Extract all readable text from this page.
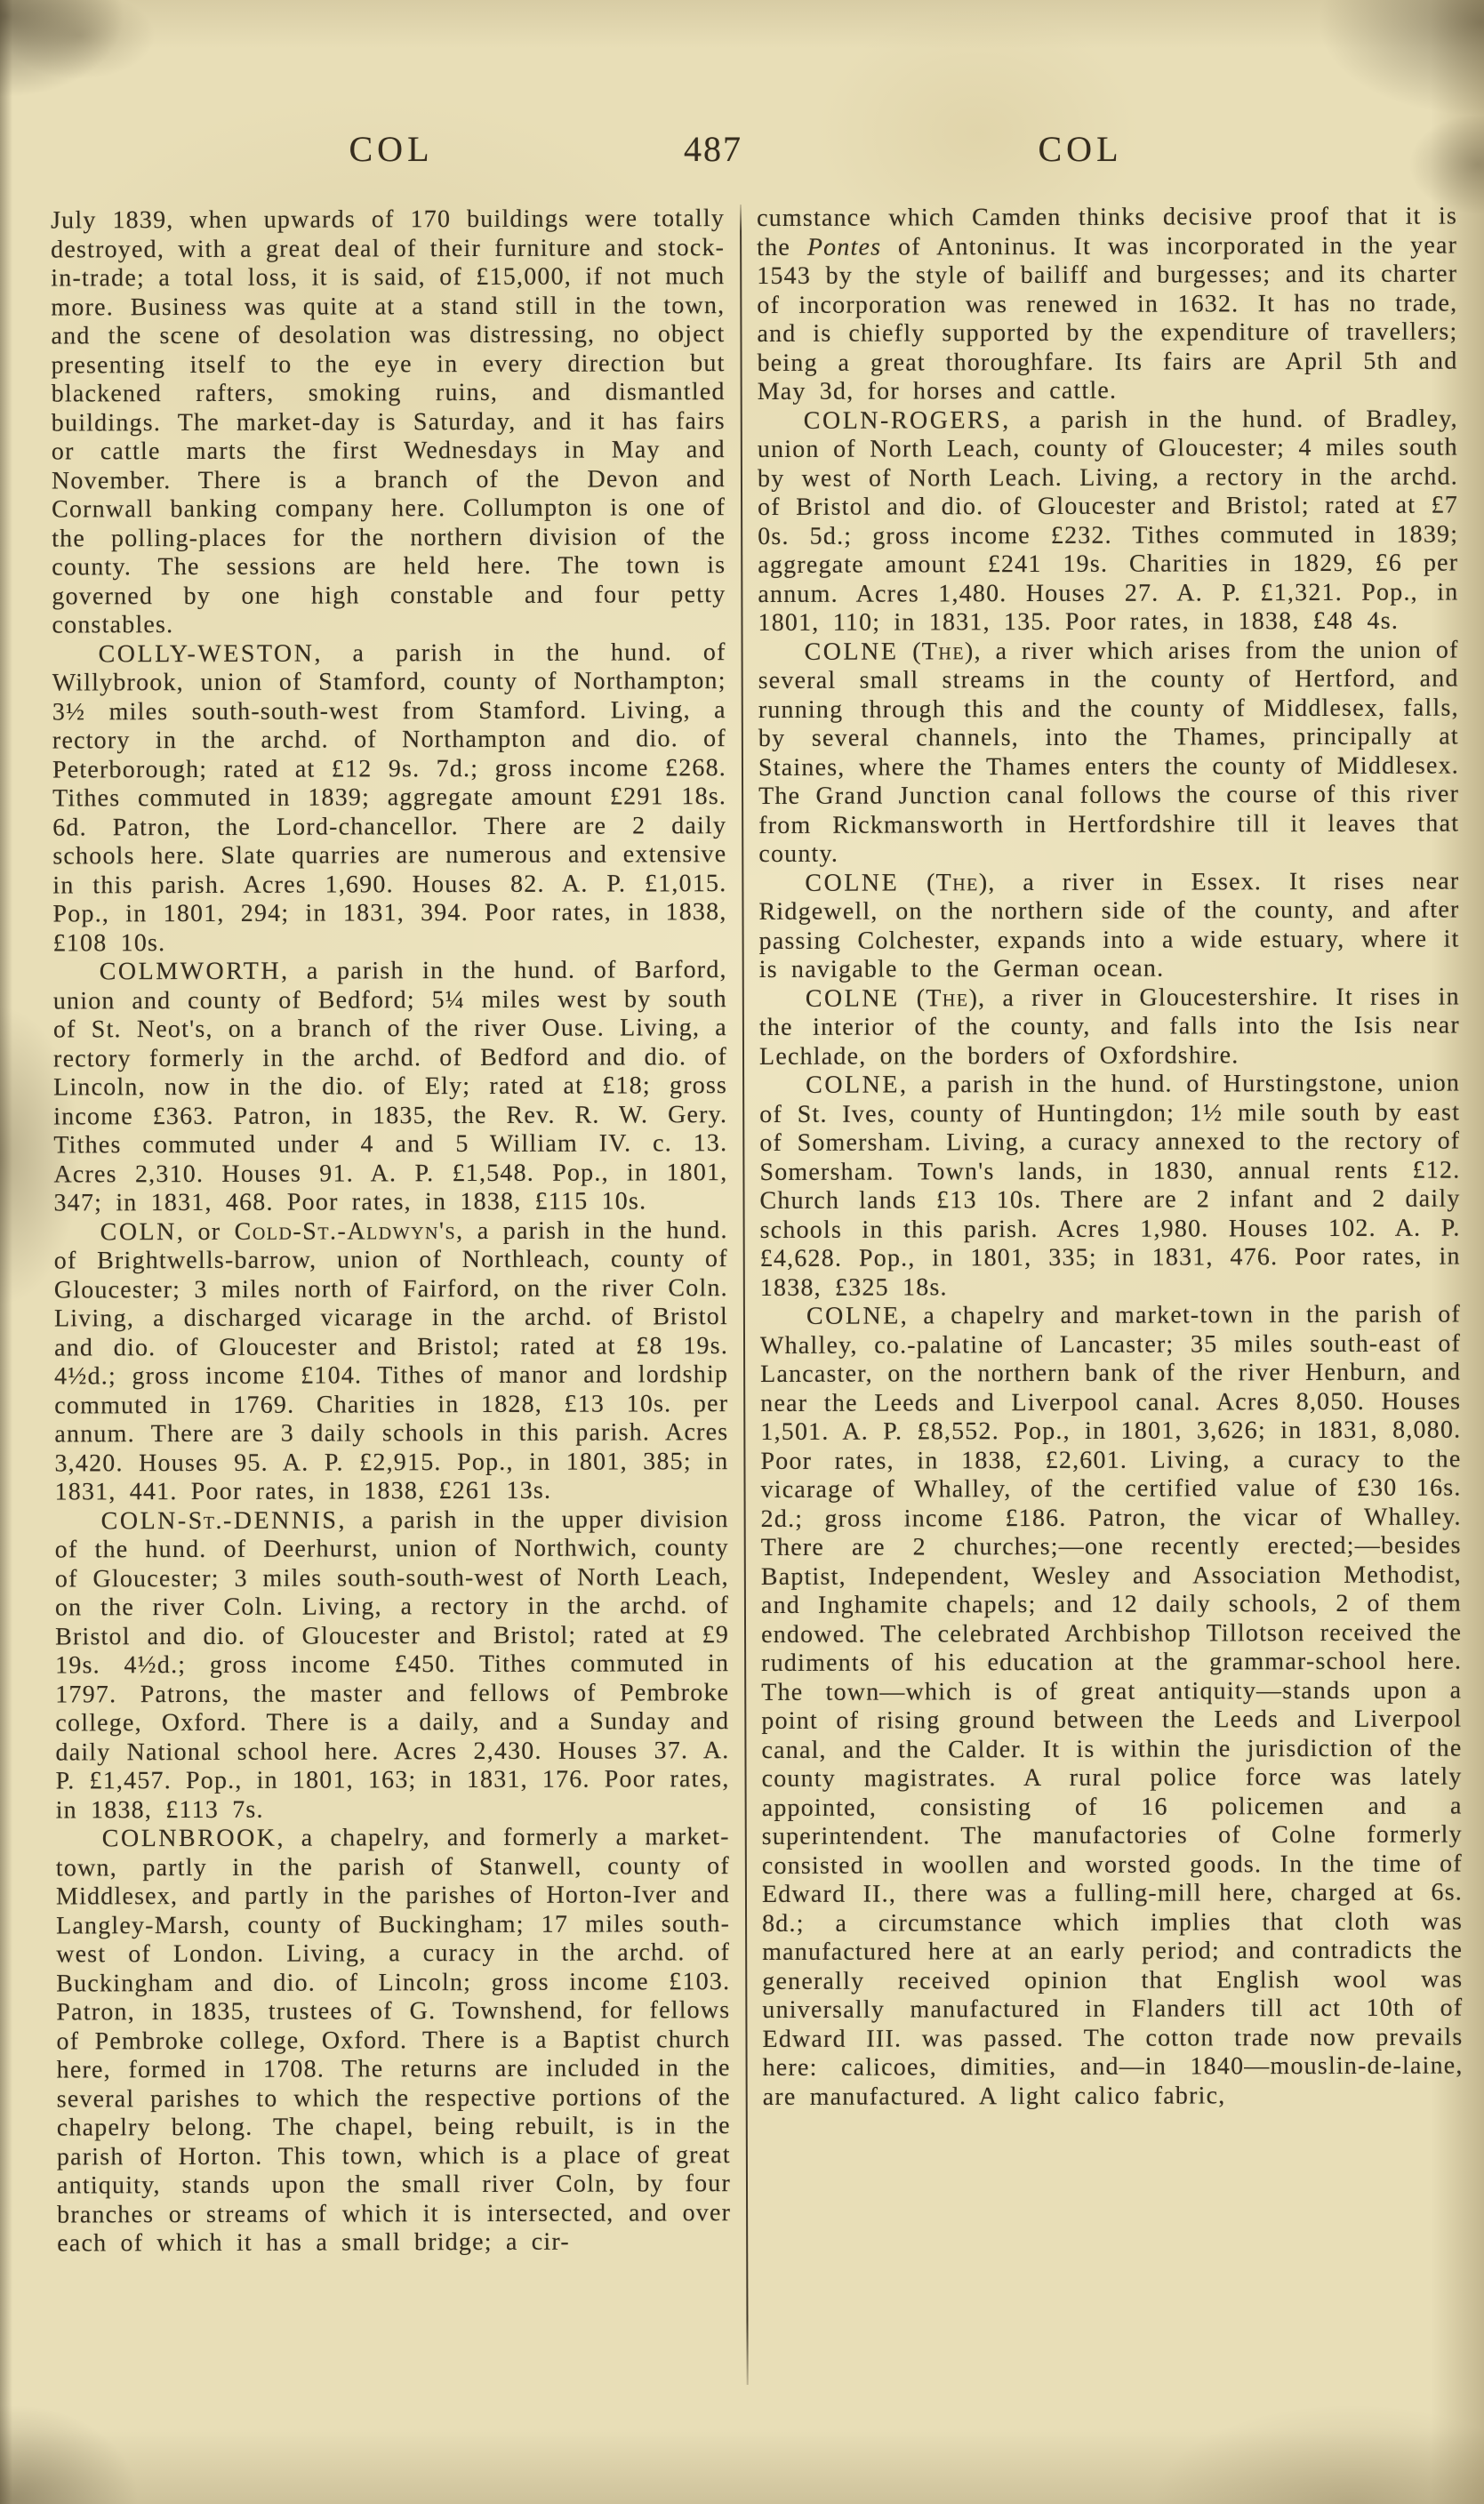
COL	487	COL

July 1839, when upwards of 170 buildings were totally destroyed, with a great deal of their furniture and stock-in-trade; a total loss, it is said, of £15,000, if not much more. Business was quite at a stand still in the town, and the scene of desolation was distressing, no object presenting itself to the eye in every direction but blackened rafters, smoking ruins, and dismantled buildings. The market-day is Saturday, and it has fairs or cattle marts the first Wednesdays in May and November. There is a branch of the Devon and Cornwall banking company here. Collumpton is one of the polling-places for the northern division of the county. The sessions are held here. The town is governed by one high constable and four petty constables.

COLLY-WESTON, a parish in the hund. of Willybrook, union of Stamford, county of Northampton; 3½ miles south-south-west from Stamford. Living, a rectory in the archd. of Northampton and dio. of Peterborough; rated at £12 9s. 7d.; gross income £268. Tithes commuted in 1839; aggregate amount £291 18s. 6d. Patron, the Lord-chancellor. There are 2 daily schools here. Slate quarries are numerous and extensive in this parish. Acres 1,690. Houses 82. A. P. £1,015. Pop., in 1801, 294; in 1831, 394. Poor rates, in 1838, £108 10s.

COLMWORTH, a parish in the hund. of Barford, union and county of Bedford; 5¼ miles west by south of St. Neot's, on a branch of the river Ouse. Living, a rectory formerly in the archd. of Bedford and dio. of Lincoln, now in the dio. of Ely; rated at £18; gross income £363. Patron, in 1835, the Rev. R. W. Gery. Tithes commuted under 4 and 5 William IV. c. 13. Acres 2,310. Houses 91. A. P. £1,548. Pop., in 1801, 347; in 1831, 468. Poor rates, in 1838, £115 10s.

COLN, or Cold-St.-Aldwyn's, a parish in the hund. of Brightwells-barrow, union of Northleach, county of Gloucester; 3 miles north of Fairford, on the river Coln. Living, a discharged vicarage in the archd. of Bristol and dio. of Gloucester and Bristol; rated at £8 19s. 4½d.; gross income £104. Tithes of manor and lordship commuted in 1769. Charities in 1828, £13 10s. per annum. There are 3 daily schools in this parish. Acres 3,420. Houses 95. A. P. £2,915. Pop., in 1801, 385; in 1831, 441. Poor rates, in 1838, £261 13s.

COLN-St.-DENNIS, a parish in the upper division of the hund. of Deerhurst, union of Northwich, county of Gloucester; 3 miles south-south-west of North Leach, on the river Coln. Living, a rectory in the archd. of Bristol and dio. of Gloucester and Bristol; rated at £9 19s. 4½d.; gross income £450. Tithes commuted in 1797. Patrons, the master and fellows of Pembroke college, Oxford. There is a daily, and a Sunday and daily National school here. Acres 2,430. Houses 37. A. P. £1,457. Pop., in 1801, 163; in 1831, 176. Poor rates, in 1838, £113 7s.

COLNBROOK, a chapelry, and formerly a market-town, partly in the parish of Stanwell, county of Middlesex, and partly in the parishes of Horton-Iver and Langley-Marsh, county of Buckingham; 17 miles south-west of London. Living, a curacy in the archd. of Buckingham and dio. of Lincoln; gross income £103. Patron, in 1835, trustees of G. Townshend, for fellows of Pembroke college, Oxford. There is a Baptist church here, formed in 1708. The returns are included in the several parishes to which the respective portions of the chapelry belong. The chapel, being rebuilt, is in the parish of Horton. This town, which is a place of great antiquity, stands upon the small river Coln, by four branches or streams of which it is intersected, and over each of which it has a small bridge; a cir-

cumstance which Camden thinks decisive proof that it is the Pontes of Antoninus. It was incorporated in the year 1543 by the style of bailiff and burgesses; and its charter of incorporation was renewed in 1632. It has no trade, and is chiefly supported by the expenditure of travellers; being a great thoroughfare. Its fairs are April 5th and May 3d, for horses and cattle.

COLN-ROGERS, a parish in the hund. of Bradley, union of North Leach, county of Gloucester; 4 miles south by west of North Leach. Living, a rectory in the archd. of Bristol and dio. of Gloucester and Bristol; rated at £7 0s. 5d.; gross income £232. Tithes commuted in 1839; aggregate amount £241 19s. Charities in 1829, £6 per annum. Acres 1,480. Houses 27. A. P. £1,321. Pop., in 1801, 110; in 1831, 135. Poor rates, in 1838, £48 4s.

COLNE (The), a river which arises from the union of several small streams in the county of Hertford, and running through this and the county of Middlesex, falls, by several channels, into the Thames, principally at Staines, where the Thames enters the county of Middlesex. The Grand Junction canal follows the course of this river from Rickmansworth in Hertfordshire till it leaves that county.

COLNE (The), a river in Essex. It rises near Ridgewell, on the northern side of the county, and after passing Colchester, expands into a wide estuary, where it is navigable to the German ocean.

COLNE (The), a river in Gloucestershire. It rises in the interior of the county, and falls into the Isis near Lechlade, on the borders of Oxfordshire.

COLNE, a parish in the hund. of Hurstingstone, union of St. Ives, county of Huntingdon; 1½ mile south by east of Somersham. Living, a curacy annexed to the rectory of Somersham. Town's lands, in 1830, annual rents £12. Church lands £13 10s. There are 2 infant and 2 daily schools in this parish. Acres 1,980. Houses 102. A. P. £4,628. Pop., in 1801, 335; in 1831, 476. Poor rates, in 1838, £325 18s.

COLNE, a chapelry and market-town in the parish of Whalley, co.-palatine of Lancaster; 35 miles south-east of Lancaster, on the northern bank of the river Henburn, and near the Leeds and Liverpool canal. Acres 8,050. Houses 1,501. A. P. £8,552. Pop., in 1801, 3,626; in 1831, 8,080. Poor rates, in 1838, £2,601. Living, a curacy to the vicarage of Whalley, of the certified value of £30 16s. 2d.; gross income £186. Patron, the vicar of Whalley. There are 2 churches;—one recently erected;—besides Baptist, Independent, Wesley and Association Methodist, and Inghamite chapels; and 12 daily schools, 2 of them endowed. The celebrated Archbishop Tillotson received the rudiments of his education at the grammar-school here. The town—which is of great antiquity—stands upon a point of rising ground between the Leeds and Liverpool canal, and the Calder. It is within the jurisdiction of the county magistrates. A rural police force was lately appointed, consisting of 16 policemen and a superintendent. The manufactories of Colne formerly consisted in woollen and worsted goods. In the time of Edward II., there was a fulling-mill here, charged at 6s. 8d.; a circumstance which implies that cloth was manufactured here at an early period; and contradicts the generally received opinion that English wool was universally manufactured in Flanders till act 10th of Edward III. was passed. The cotton trade now prevails here: calicoes, dimities, and—in 1840—mouslin-de-laine, are manufactured. A light calico fabric,
